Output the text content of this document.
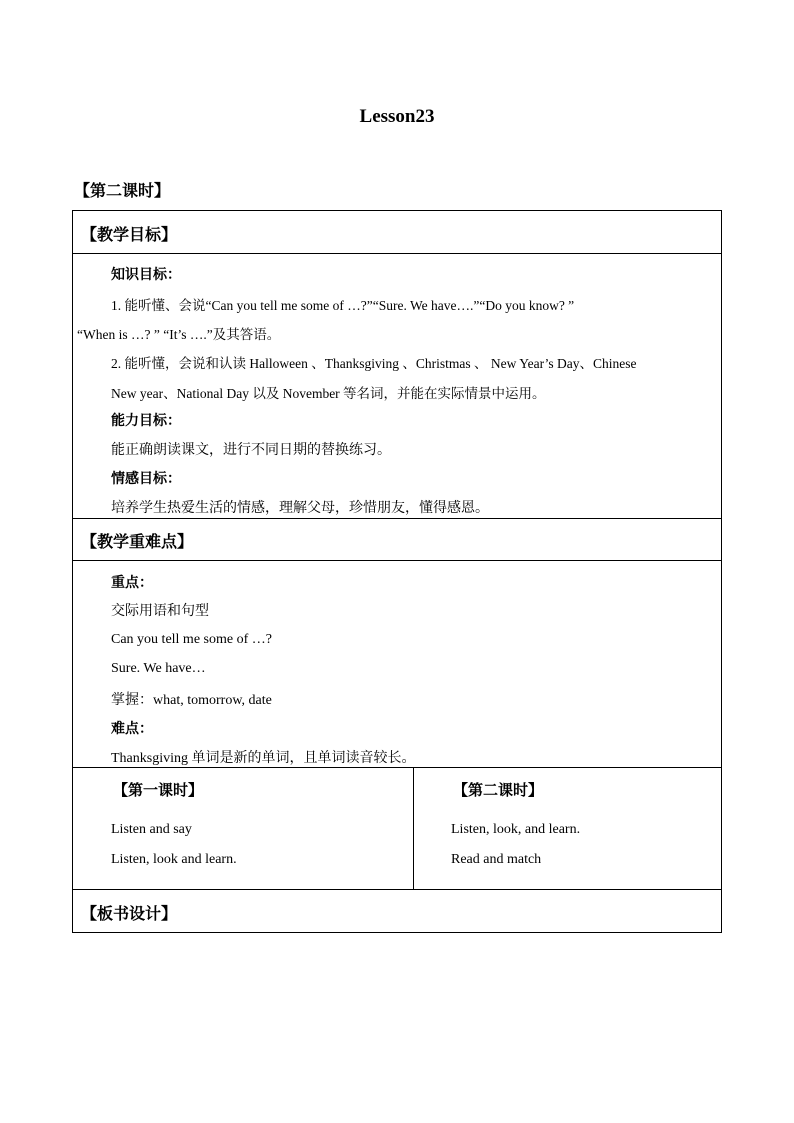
Lesson23
【第二课时】
【教学目标】
知识目标：
1. 能听懂、会说“Can you tell me some of …?”“Sure. We have….”“Do you know? ”
“When is …? ” “It’s ….”及其答语。
2. 能听懂，会说和认读 Halloween 、Thanksgiving 、Christmas 、 New Year’s Day、Chinese
New year、National Day 以及 November 等名词，并能在实际情景中运用。
能力目标：
能正确朗读课文，进行不同日期的替换练习。
情感目标：
培养学生热爱生活的情感，理解父母，珍惜朋友，懂得感恩。
【教学重难点】
重点：
交际用语和句型
Can you tell me some of …?
Sure. We have…
掌握：what, tomorrow, date
难点：
Thanksgiving 单词是新的单词，且单词读音较长。
【第一课时】
Listen and say
Listen, look and learn.
【第二课时】
Listen, look, and learn.
Read and match
【板书设计】
